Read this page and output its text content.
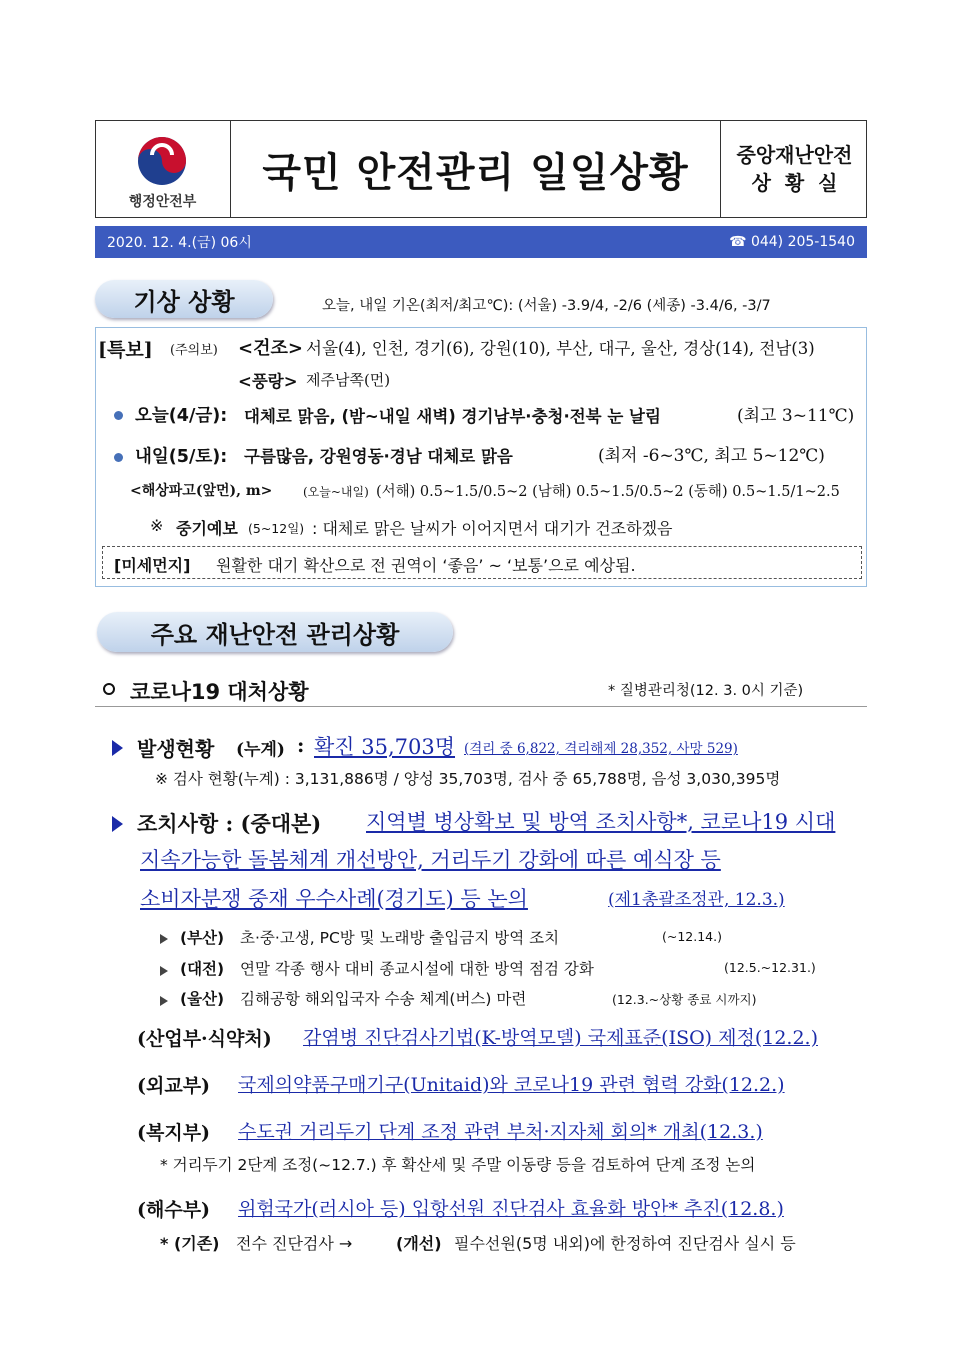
행정안전부
국민 안전관리 일일상황 중앙재난안전
상  황  실
2020. 12. 4.(금) 06시	☎ 044) 205-1540
기상 상황	오늘, 내일 기온(최저/최고℃): (서울) -3.9/4, -2/6 (세종) -3.4/6, -3/7
[특보] (주의보) <건조> 서울(4), 인천, 경기(6), 강원(10), 부산, 대구, 울산, 경상(14), 전남(3)
<풍랑> 제주남쪽(먼)
오늘(4/금): 대체로 맑음, (밤~내일 새벽) 경기남부·충청·전북 눈 날림	(최고 3~11℃)
내일(5/토): 구름많음, 강원영동·경남 대체로 맑음	(최저 -6~3℃, 최고 5~12℃)
<해상파고(앞먼), m>	(오늘~내일) (서해) 0.5~1.5/0.5~2 (남해) 0.5~1.5/0.5~2 (동해) 0.5~1.5/1~2.5
※ 중기예보 (5~12일) : 대체로 맑은 날씨가 이어지면서 대기가 건조하겠음
[미세먼지] 원활한 대기 확산으로 전 권역이 ‘좋음’ ~ ‘보통’으로 예상됨.
주요 재난안전 관리상황
코로나19 대처상황	* 질병관리청(12. 3. 0시 기준)
발생현황 (누계) : 확진 35,703명 (격리 중 6,822, 격리해제 28,352, 사망 529)
※ 검사 현황(누계) : 3,131,886명 / 양성 35,703명, 검사 중 65,788명, 음성 3,030,395명
조치사항 : (중대본) 지역별 병상확보 및 방역 조치사항*, 코로나19 시대
지속가능한 돌봄체계 개선방안, 거리두기 강화에 따른 예식장 등
소비자분쟁 중재 우수사례(경기도) 등 논의	(제1총괄조정관, 12.3.)
(부산) 초·중·고생, PC방 및 노래방 출입금지 방역 조치	(~12.14.)
(대전) 연말 각종 행사 대비 종교시설에 대한 방역 점검 강화	(12.5.~12.31.)
(울산) 김해공항 해외입국자 수송 체계(버스) 마련	(12.3.~상황 종료 시까지)
(산업부·식약처) 감염병 진단검사기법(K-방역모델) 국제표준(ISO) 제정(12.2.)
(외교부) 국제의약품구매기구(Unitaid)와 코로나19 관련 협력 강화(12.2.)
(복지부) 수도권 거리두기 단계 조정 관련 부처·지자체 회의* 개최(12.3.)
* 거리두기 2단계 조정(~12.7.) 후 확산세 및 주말 이동량 등을 검토하여 단계 조정 논의
(해수부) 위험국가(러시아 등) 입항선원 진단검사 효율화 방안* 추진(12.8.)
* (기존) 전수 진단검사 →	(개선) 필수선원(5명 내외)에 한정하여 진단검사 실시 등
